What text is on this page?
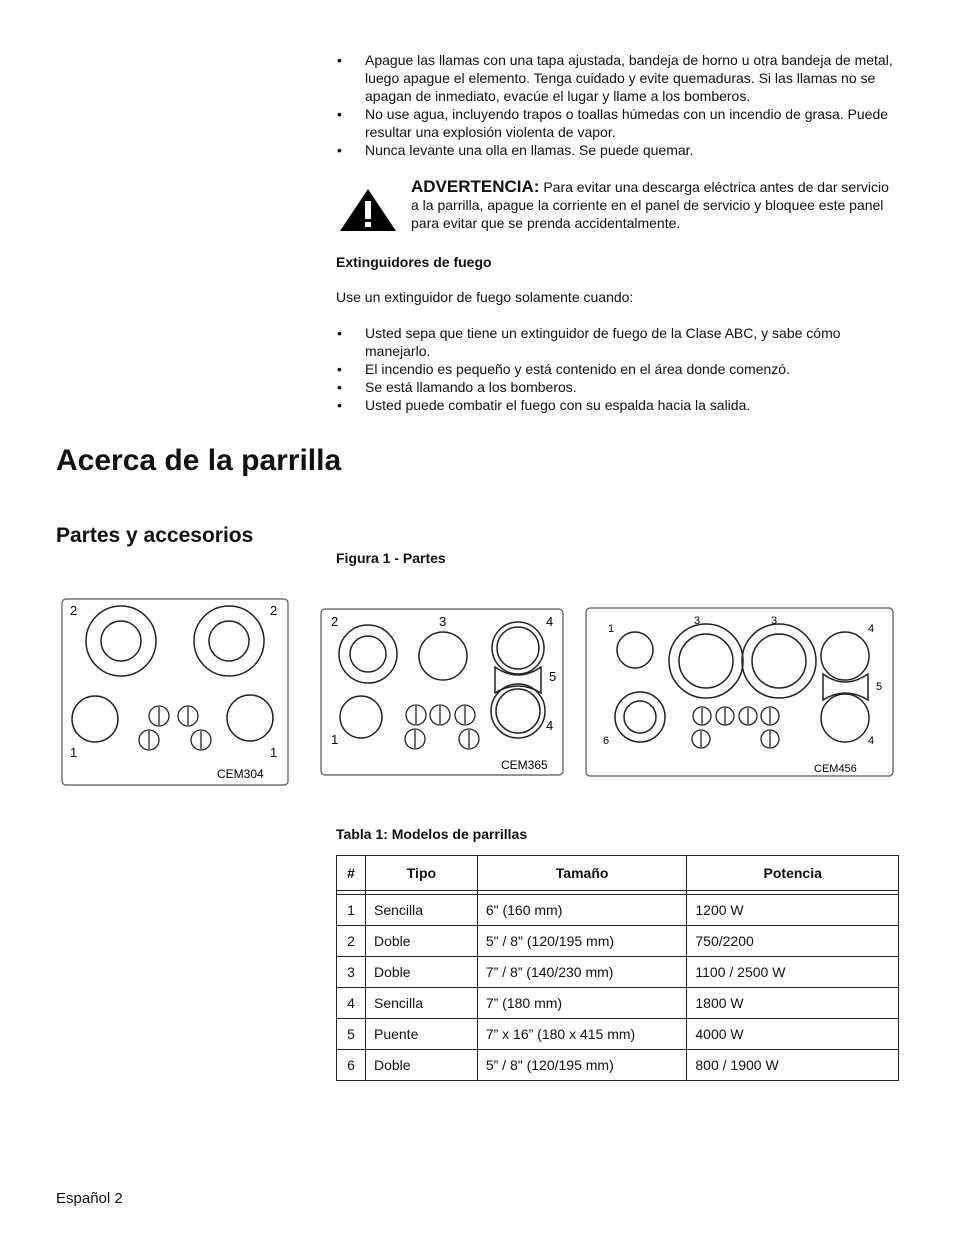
• Apague las llamas con una tapa ajustada, bandeja de horno u otra bandeja de metal, luego apague el elemento. Tenga cuidado y evite quemaduras. Si las llamas no se apagan de inmediato, evacúe el lugar y llame a los bomberos.
• No use agua, incluyendo trapos o toallas húmedas con un incendio de grasa. Puede resultar una explosión violenta de vapor.
• Nunca levante una olla en llamas. Se puede quemar.
ADVERTENCIA: Para evitar una descarga eléctrica antes de dar servicio a la parrilla, apague la corriente en el panel de servicio y bloquee este panel para evitar que se prenda accidentalmente.
Extinguidores de fuego
Use un extinguidor de fuego solamente cuando:
• Usted sepa que tiene un extinguidor de fuego de la Clase ABC, y sabe cómo manejarlo.
• El incendio es pequeño y está contenido en el área donde comenzó.
• Se está llamando a los bomberos.
• Usted puede combatir el fuego con su espalda hacia la salida.
Acerca de la parrilla
Partes y accesorios
Figura 1 - Partes
2	2
1	1
CEM304
2	3	4
5
4
1
CEM365
1
3	3
4
5
6	4
CEM456
Tabla 1: Modelos de parrillas
#	Tipo	Tamaño	Potencia

1	Sencilla	6" (160 mm)	1200 W
2	Doble	5" / 8" (120/195 mm)	750/2200
3	Doble	7” / 8” (140/230 mm)	1100 / 2500 W
4	Sencilla	7” (180 mm)	1800 W
5	Puente	7” x 16” (180 x 415 mm)	4000 W
6	Doble	5” / 8" (120/195 mm)	800 / 1900 W
Español 2
